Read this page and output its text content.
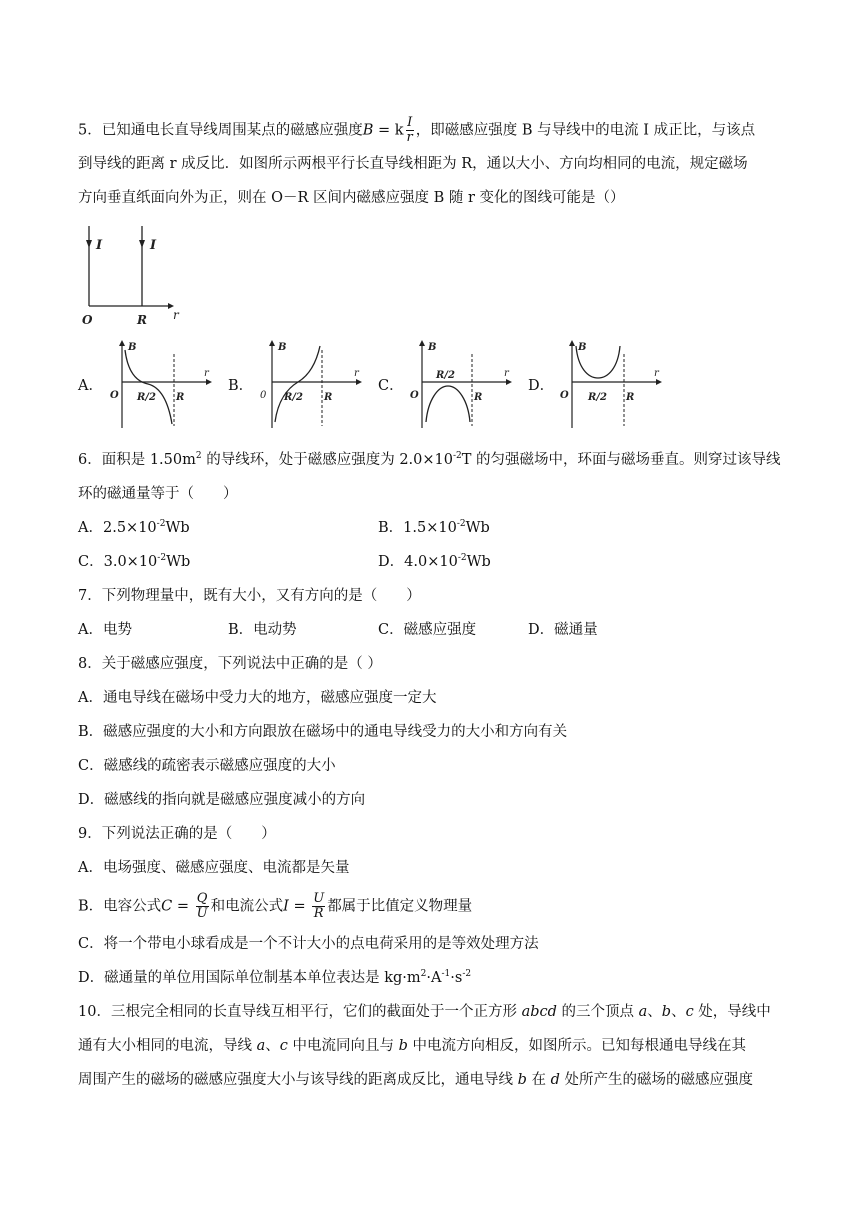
5．已知通电长直导线周围某点的磁感应强度B = k $\frac{I}{r}$ ，即磁感应强度 B 与导线中的电流 I 成正比，与该点
到导线的距离 r 成反比．如图所示两根平行长直导线相距为 R，通以大小、方向均相同的电流，规定磁场
方向垂直纸面向外为正，则在 O－R 区间内磁感应强度 B 随 r 变化的图线可能是（）
I	I
O	R r
A．
B
O R/2 R
r
B．
B
0 R/2 R
r
C．
B
O
R/2
R
r
D．
B
O R/2 R
r
6．面积是 $1.50m^2$ 的导线环，处于磁感应强度为 $2.0\times 10^{-2}T$ 的匀强磁场中，环面与磁场垂直。则穿过该导线
环的磁通量等于（　　）
A．$2.5\times 10^{-2}Wb$	B．$1.5\times 10^{-2}Wb$
C．$3.0\times 10^{-2}Wb$	D．$4.0\times 10^{-2}Wb$
7．下列物理量中，既有大小，又有方向的是（　　）
A．电势	B．电动势	C．磁感应强度	D．磁通量
8．关于磁感应强度，下列说法中正确的是（ ）
A．通电导线在磁场中受力大的地方，磁感应强度一定大
B．磁感应强度的大小和方向跟放在磁场中的通电导线受力的大小和方向有关
C．磁感线的疏密表示磁感应强度的大小
D．磁感线的指向就是磁感应强度减小的方向
9．下列说法正确的是（　　）
A．电场强度、磁感应强度、电流都是矢量
B．电容公式$C = \frac{Q}{U}$ 和电流公式$I = \frac{U}{R}$ 都属于比值定义物理量
C．将一个带电小球看成是一个不计大小的点电荷采用的是等效处理方法
D．磁通量的单位用国际单位制基本单位表达是 $kg\cdot m^2\cdot A^{-1}\cdot s^{-2}$
10．三根完全相同的长直导线互相平行，它们的截面处于一个正方形 abcd 的三个顶点 a、b、c 处，导线中
通有大小相同的电流，导线 a、c 中电流同向且与 b 中电流方向相反，如图所示。已知每根通电导线在其
周围产生的磁场的磁感应强度大小与该导线的距离成反比，通电导线 b 在 d 处所产生的磁场的磁感应强度
